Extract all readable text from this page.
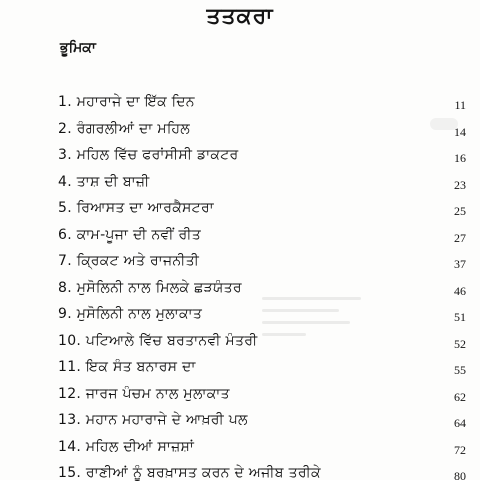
ਤਤਕਰਾ
ਭੂਮਿਕਾ
1. ਮਹਾਰਾਜੇ ਦਾ ਇੱਕ ਦਿਨ	11
2. ਰੰਗਰਲੀਆਂ ਦਾ ਮਹਿਲ	14
3. ਮਹਿਲ ਵਿੱਚ ਫਰਾਂਸੀਸੀ ਡਾਕਟਰ	16
4. ਤਾਸ਼ ਦੀ ਬਾਜ਼ੀ	23
5. ਰਿਆਸਤ ਦਾ ਆਰਕੈਸਟਰਾ	25
6. ਕਾਮ-ਪੂਜਾ ਦੀ ਨਵੀਂ ਰੀਤ	27
7. ਕ੍ਰਿਕਟ ਅਤੇ ਰਾਜਨੀਤੀ	37
8. ਮੁਸੋਲਿਨੀ ਨਾਲ ਮਿਲਕੇ ਛੜਯੰਤਰ	46
9. ਮੁਸੋਲਿਨੀ ਨਾਲ ਮੁਲਾਕਾਤ	51
10. ਪਟਿਆਲੇ ਵਿੱਚ ਬਰਤਾਨਵੀ ਮੰਤਰੀ	52
11. ਇਕ ਸੰਤ ਬਨਾਰਸ ਦਾ	55
12. ਜਾਰਜ ਪੰਚਮ ਨਾਲ ਮੁਲਾਕਾਤ	62
13. ਮਹਾਨ ਮਹਾਰਾਜੇ ਦੇ ਆਖ਼ਰੀ ਪਲ	64
14. ਮਹਿਲ ਦੀਆਂ ਸਾਜ਼ਸ਼ਾਂ	72
15. ਰਾਣੀਆਂ ਨੂੰ ਬਰਖ਼ਾਸਤ ਕਰਨ ਦੇ ਅਜੀਬ ਤਰੀਕੇ	80
